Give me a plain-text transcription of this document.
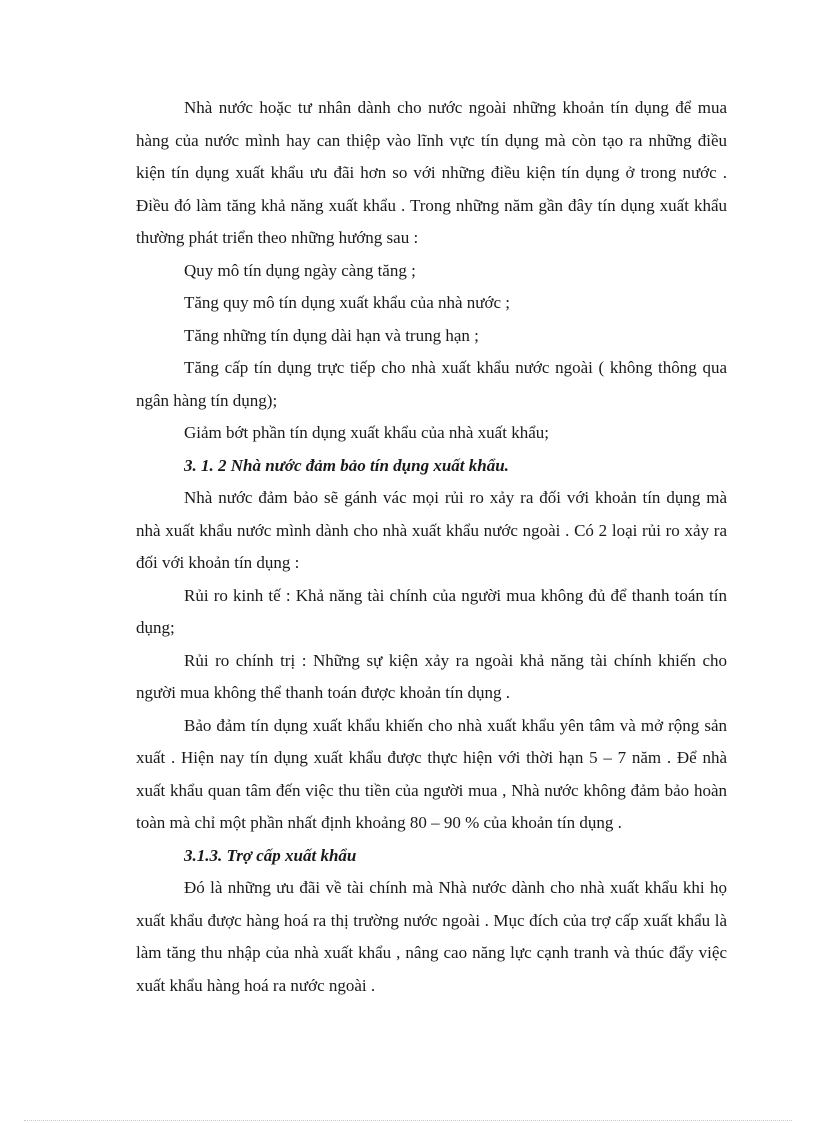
Nhà nước hoặc tư nhân dành cho nước ngoài những khoản tín dụng để mua hàng của nước mình hay can thiệp vào lĩnh vực tín dụng mà còn tạo ra những điều kiện tín dụng xuất khẩu ưu đãi hơn so với những điều kiện tín dụng ở trong nước . Điều đó làm tăng khả năng xuất khẩu . Trong những năm gần đây tín dụng xuất khẩu thường phát triển theo những hướng sau :

Quy mô tín dụng ngày càng tăng ;

Tăng quy mô tín dụng xuất khẩu của nhà nước ;

Tăng những tín dụng dài hạn và trung hạn ;

Tăng cấp tín dụng trực tiếp cho nhà xuất khẩu nước ngoài ( không thông qua ngân hàng tín dụng);

Giảm bớt phần tín dụng xuất khẩu của nhà xuất khẩu;

3. 1. 2 Nhà nước đảm bảo tín dụng xuất khẩu.

Nhà nước đảm bảo sẽ gánh vác mọi rủi ro xảy ra đối với khoản tín dụng mà nhà xuất khẩu nước mình dành cho nhà xuất khẩu nước ngoài . Có 2 loại rủi ro xảy ra đối với khoản tín dụng :

Rủi ro kinh tế : Khả năng tài chính của người mua không đủ để thanh toán tín dụng;

Rủi ro chính trị : Những sự kiện xảy ra ngoài khả năng tài chính khiến cho người mua không thể thanh toán được khoản tín dụng .

Bảo đảm tín dụng xuất khẩu khiến cho nhà xuất khẩu yên tâm và mở rộng sản xuất . Hiện nay tín dụng xuất khẩu được thực hiện với thời hạn 5 – 7 năm . Để nhà xuất khẩu quan tâm đến việc thu tiền của người mua , Nhà nước không đảm bảo hoàn toàn mà chỉ một phần nhất định khoảng 80 – 90 % của khoản tín dụng .

3.1.3. Trợ cấp xuất khẩu

Đó là những ưu đãi về tài chính mà Nhà nước dành cho nhà xuất khẩu khi họ xuất khẩu được hàng hoá ra thị trường nước ngoài . Mục đích của trợ cấp xuất khẩu là làm tăng thu nhập của nhà xuất khẩu , nâng cao năng lực cạnh tranh và thúc đẩy việc xuất khẩu hàng hoá ra nước ngoài .
